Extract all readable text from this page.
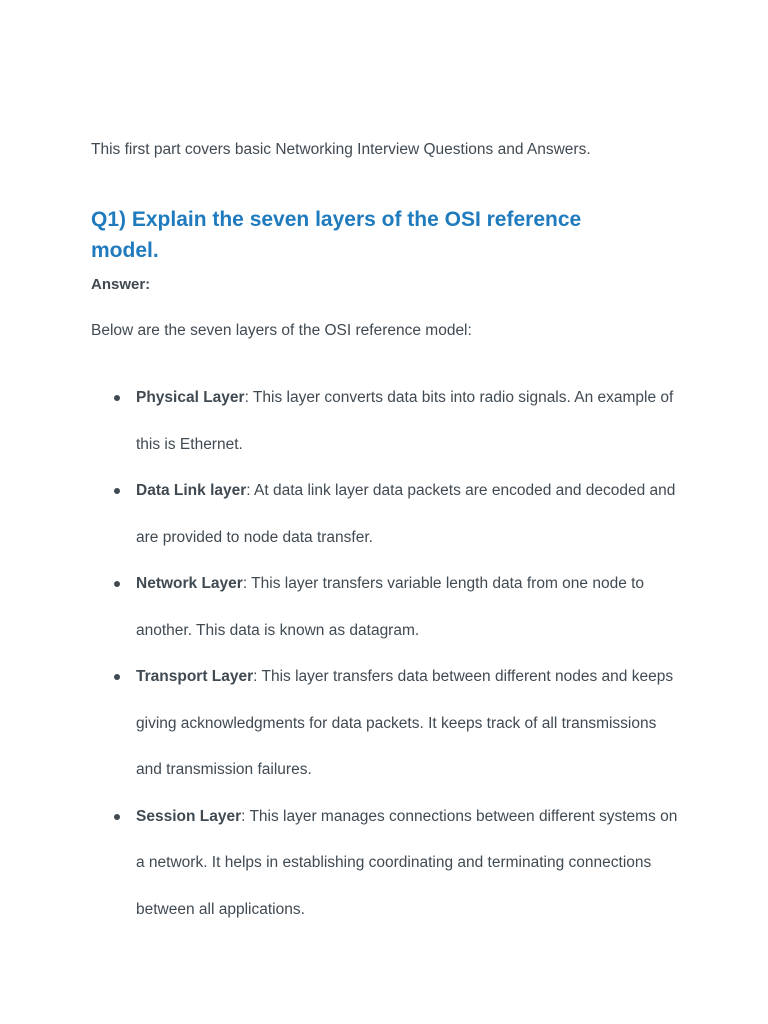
This first part covers basic Networking Interview Questions and Answers.
Q1) Explain the seven layers of the OSI reference model.
Answer:
Below are the seven layers of the OSI reference model:
Physical Layer: This layer converts data bits into radio signals. An example of this is Ethernet.
Data Link layer: At data link layer data packets are encoded and decoded and are provided to node data transfer.
Network Layer: This layer transfers variable length data from one node to another. This data is known as datagram.
Transport Layer: This layer transfers data between different nodes and keeps giving acknowledgments for data packets. It keeps track of all transmissions and transmission failures.
Session Layer: This layer manages connections between different systems on a network. It helps in establishing coordinating and terminating connections between all applications.
